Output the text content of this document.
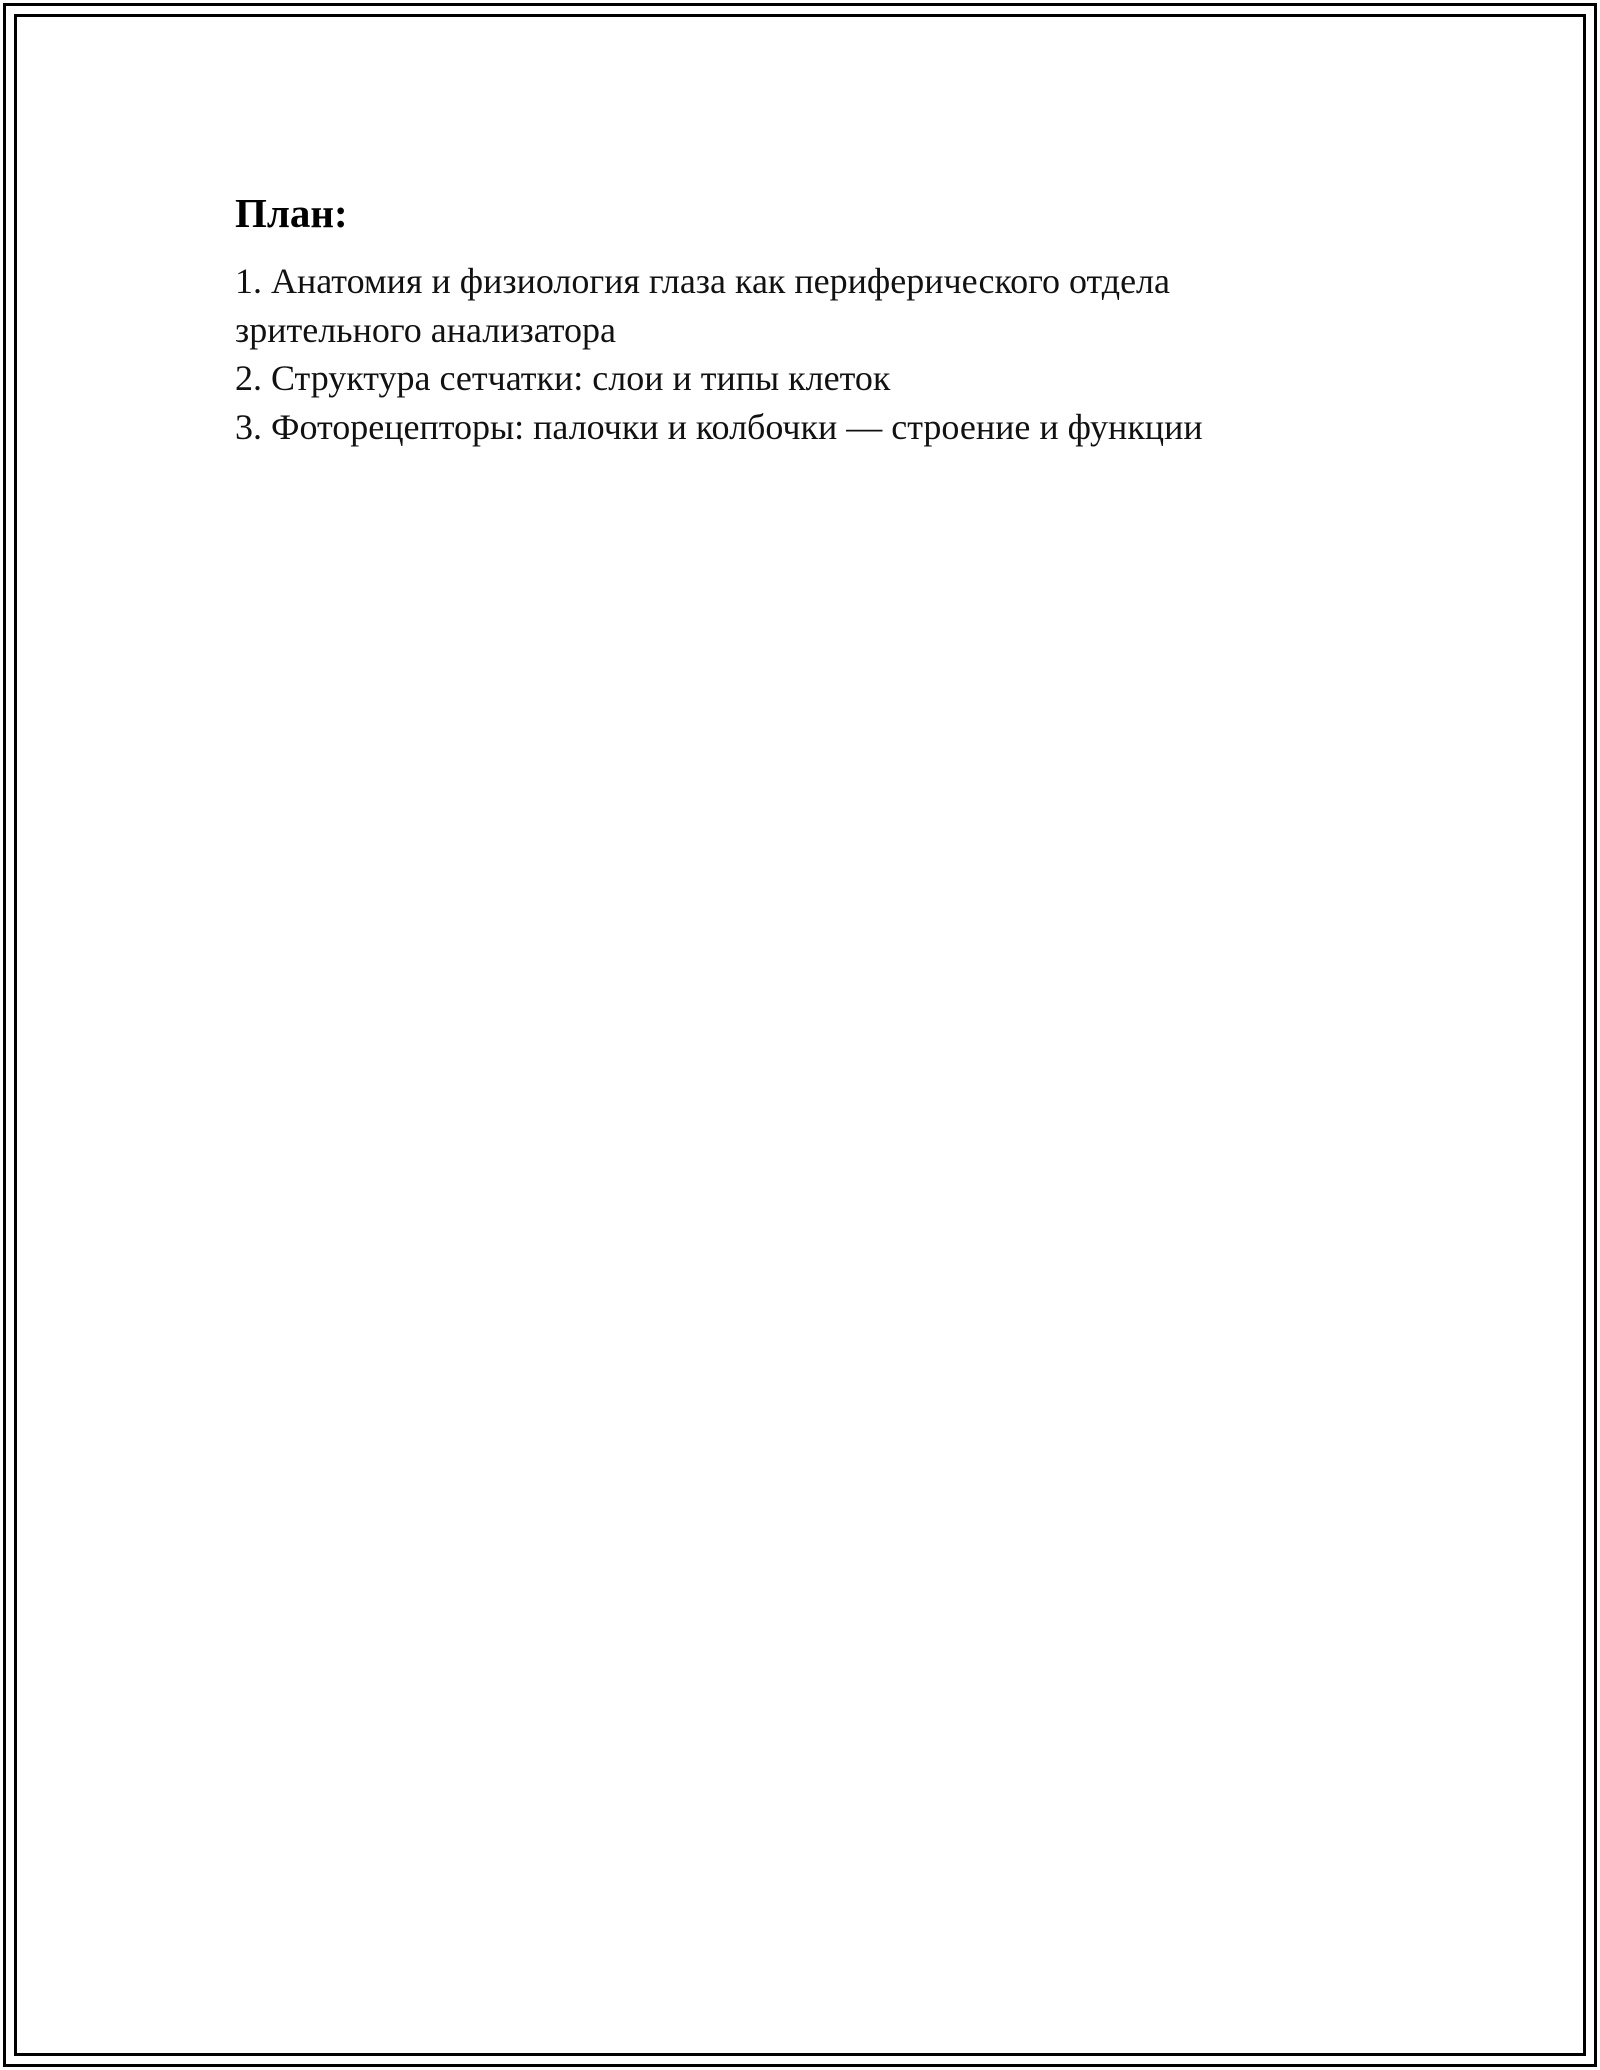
План:
1. Анатомия и физиология глаза как периферического отдела зрительного анализатора
2. Структура сетчатки: слои и типы клеток
3. Фоторецепторы: палочки и колбочки — строение и функции
